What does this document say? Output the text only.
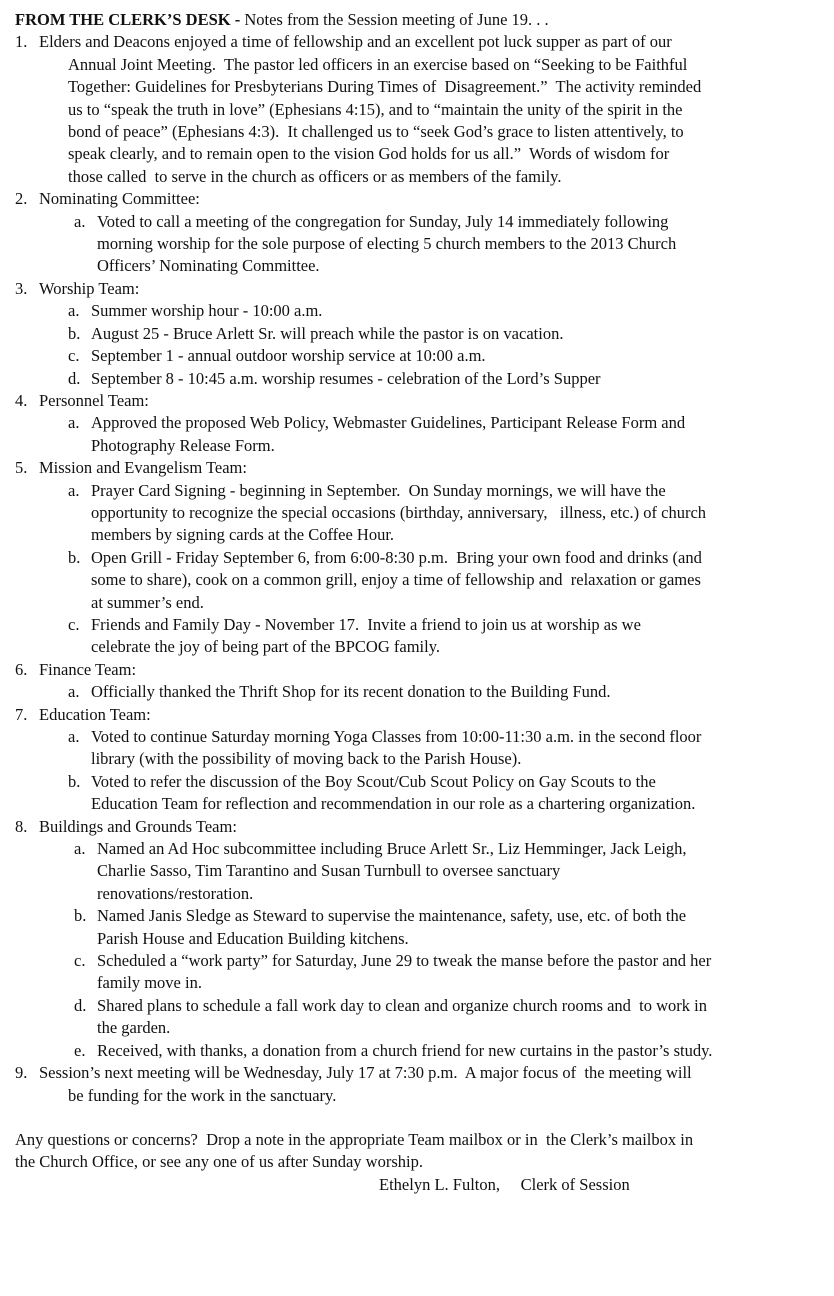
FROM THE CLERK’S DESK - Notes from the Session meeting of June 19. . .

1. Elders and Deacons enjoyed a time of fellowship and an excellent pot luck supper as part of our
Annual Joint Meeting.  The pastor led officers in an exercise based on “Seeking to be Faithful
Together: Guidelines for Presbyterians During Times of  Disagreement.”  The activity reminded
us to “speak the truth in love” (Ephesians 4:15), and to “maintain the unity of the spirit in the
bond of peace” (Ephesians 4:3).  It challenged us to “seek God’s grace to listen attentively, to
speak clearly, and to remain open to the vision God holds for us all.”  Words of wisdom for
those called  to serve in the church as officers or as members of the family.
2. Nominating Committee:
a. Voted to call a meeting of the congregation for Sunday, July 14 immediately following
morning worship for the sole purpose of electing 5 church members to the 2013 Church
Officers’ Nominating Committee.
3. Worship Team:
a. Summer worship hour - 10:00 a.m.
b. August 25 - Bruce Arlett Sr. will preach while the pastor is on vacation.
c. September 1 - annual outdoor worship service at 10:00 a.m.
d. September 8 - 10:45 a.m. worship resumes - celebration of the Lord’s Supper
4. Personnel Team:
a. Approved the proposed Web Policy, Webmaster Guidelines, Participant Release Form and
Photography Release Form.
5. Mission and Evangelism Team:
a. Prayer Card Signing - beginning in September.  On Sunday mornings, we will have the
opportunity to recognize the special occasions (birthday, anniversary,   illness, etc.) of church
members by signing cards at the Coffee Hour.
b. Open Grill - Friday September 6, from 6:00-8:30 p.m.  Bring your own food and drinks (and
some to share), cook on a common grill, enjoy a time of fellowship and  relaxation or games
at summer’s end.
c. Friends and Family Day - November 17.  Invite a friend to join us at worship as we
celebrate the joy of being part of the BPCOG family.
6. Finance Team:
a. Officially thanked the Thrift Shop for its recent donation to the Building Fund.
7. Education Team:
a. Voted to continue Saturday morning Yoga Classes from 10:00-11:30 a.m. in the second floor
library (with the possibility of moving back to the Parish House).
b. Voted to refer the discussion of the Boy Scout/Cub Scout Policy on Gay Scouts to the
Education Team for reflection and recommendation in our role as a chartering organization.
8. Buildings and Grounds Team:
a. Named an Ad Hoc subcommittee including Bruce Arlett Sr., Liz Hemminger, Jack Leigh,
Charlie Sasso, Tim Tarantino and Susan Turnbull to oversee sanctuary
renovations/restoration.
b. Named Janis Sledge as Steward to supervise the maintenance, safety, use, etc. of both the
Parish House and Education Building kitchens.
c. Scheduled a “work party” for Saturday, June 29 to tweak the manse before the pastor and her
family move in.
d. Shared plans to schedule a fall work day to clean and organize church rooms and  to work in
the garden.
e. Received, with thanks, a donation from a church friend for new curtains in the pastor’s study.
9. Session’s next meeting will be Wednesday, July 17 at 7:30 p.m.  A major focus of  the meeting will
be funding for the work in the sanctuary.
Any questions or concerns?  Drop a note in the appropriate Team mailbox or in  the Clerk’s mailbox in
the Church Office, or see any one of us after Sunday worship.
Ethelyn L. Fulton, Clerk of Session
